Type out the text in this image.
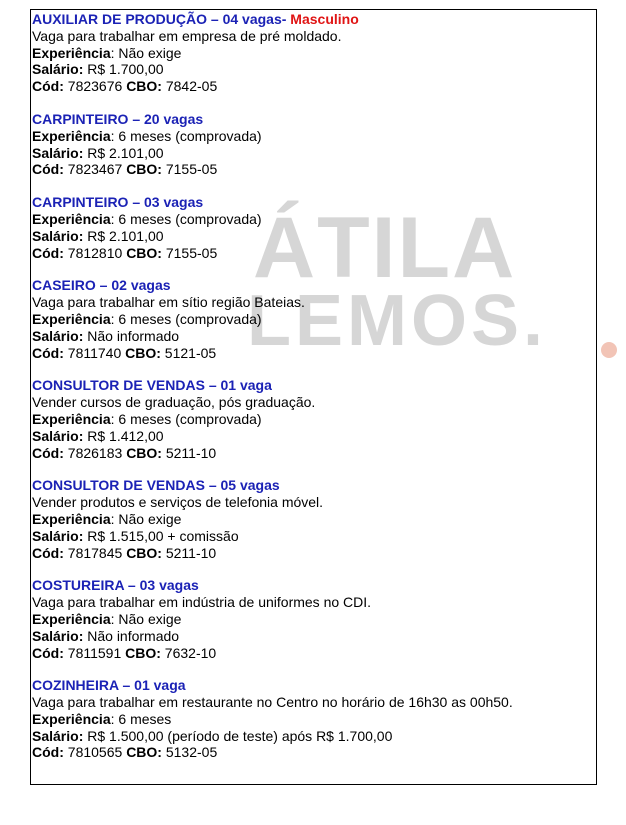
ÁTILA
LEMOS.
AUXILIAR DE PRODUÇÃO – 04 vagas- Masculino
Vaga para trabalhar em empresa de pré moldado.
Experiência: Não exige
Salário: R$ 1.700,00
Cód: 7823676 CBO: 7842-05
CARPINTEIRO – 20 vagas
Experiência: 6 meses (comprovada)
Salário: R$ 2.101,00
Cód: 7823467 CBO: 7155-05
CARPINTEIRO – 03 vagas
Experiência: 6 meses (comprovada)
Salário: R$ 2.101,00
Cód: 7812810 CBO: 7155-05
CASEIRO – 02 vagas
Vaga para trabalhar em sítio região Bateias.
Experiência: 6 meses (comprovada)
Salário: Não informado
Cód: 7811740 CBO: 5121-05
CONSULTOR DE VENDAS – 01 vaga
Vender cursos de graduação, pós graduação.
Experiência: 6 meses (comprovada)
Salário: R$ 1.412,00
Cód: 7826183 CBO: 5211-10
CONSULTOR DE VENDAS – 05 vagas
Vender produtos e serviços de telefonia móvel.
Experiência: Não exige
Salário: R$ 1.515,00 + comissão
Cód: 7817845 CBO: 5211-10
COSTUREIRA – 03 vagas
Vaga para trabalhar em indústria de uniformes no CDI.
Experiência: Não exige
Salário: Não informado
Cód: 7811591 CBO: 7632-10
COZINHEIRA – 01 vaga
Vaga para trabalhar em restaurante no Centro no horário de 16h30 as 00h50.
Experiência: 6 meses
Salário: R$ 1.500,00 (período de teste) após R$ 1.700,00
Cód: 7810565 CBO: 5132-05
